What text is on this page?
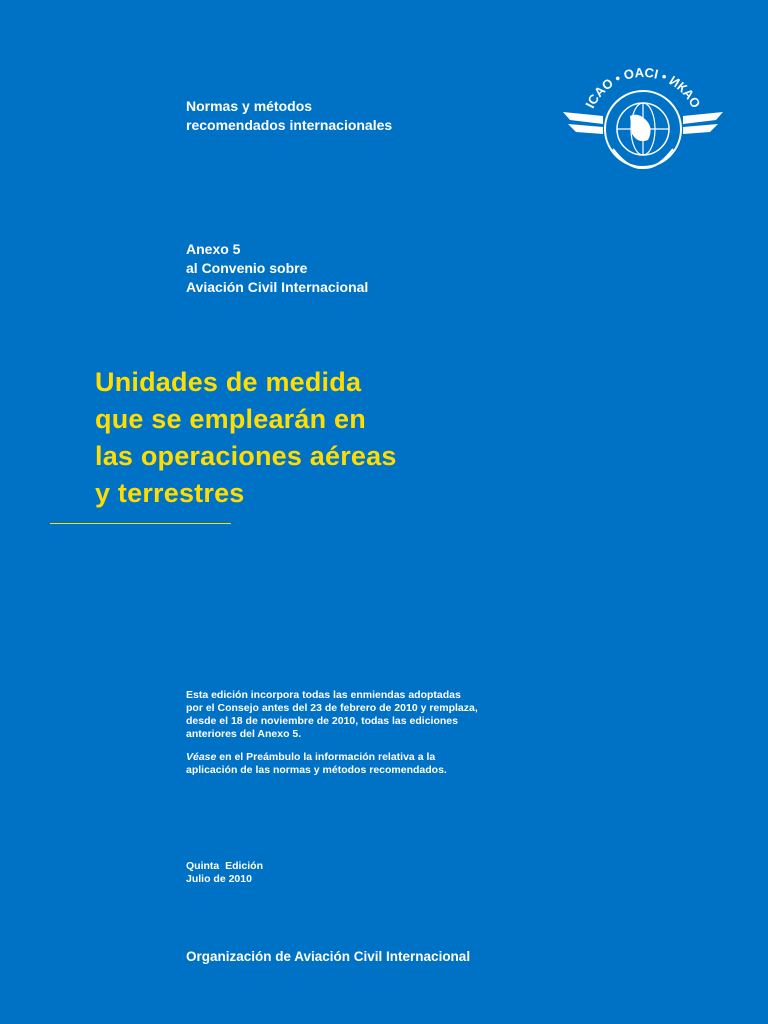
Normas y métodos
recomendados internacionales
ICAO • OACI • ИКАО
Anexo 5
al Convenio sobre
Aviación Civil Internacional
Unidades de medida
que se emplearán en
las operaciones aéreas
y terrestres

Esta edición incorpora todas las enmiendas adoptadas
por el Consejo antes del 23 de febrero de 2010 y remplaza,
desde el 18 de noviembre de 2010, todas las ediciones
anteriores del Anexo 5.

Véase en el Preámbulo la información relativa a la
aplicación de las normas y métodos recomendados.

Quinta  Edición
Julio de 2010
Organización de Aviación Civil Internacional
